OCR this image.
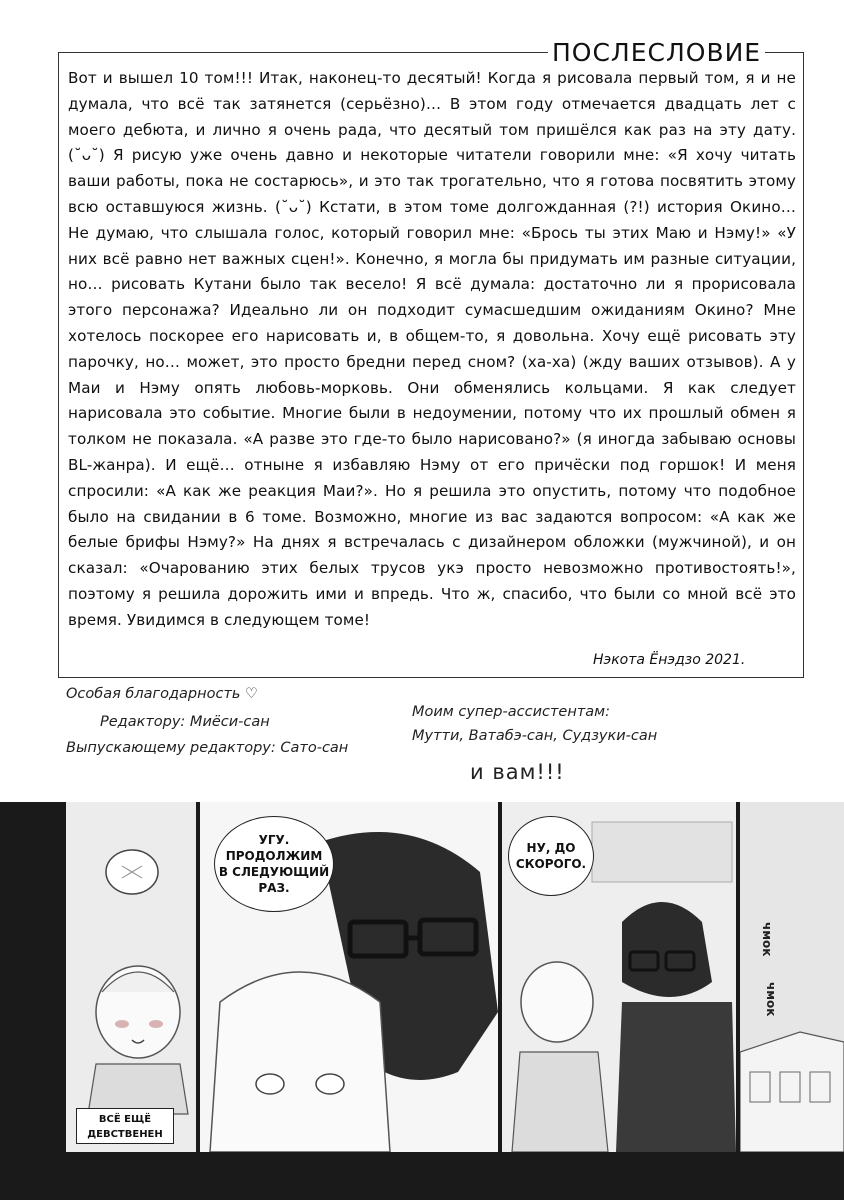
ПОСЛЕСЛОВИЕ
Вот и вышел 10 том!!! Итак, наконец-то десятый! Когда я рисовала первый том, я и не думала, что всё так затянется (серьёзно)… В этом году отмечается двадцать лет с моего дебюта, и лично я очень рада, что десятый том пришёлся как раз на эту дату. (˘ᴗ˘) Я рисую уже очень давно и некоторые читатели говорили мне: «Я хочу читать ваши работы, пока не состарюсь», и это так трогательно, что я готова посвятить этому всю оставшуюся жизнь. (˘ᴗ˘) Кстати, в этом томе долгожданная (?!) история Окино… Не думаю, что слышала голос, который говорил мне: «Брось ты этих Маю и Нэму!» «У них всё равно нет важных сцен!». Конечно, я могла бы придумать им разные ситуации, но… рисовать Кутани было так весело! Я всё думала: достаточно ли я прорисовала этого персонажа? Идеально ли он подходит сумасшедшим ожиданиям Окино? Мне хотелось поскорее его нарисовать и, в общем-то, я довольна. Хочу ещё рисовать эту парочку, но… может, это просто бредни перед сном? (ха-ха) (жду ваших отзывов). А у Маи и Нэму опять любовь-морковь. Они обменялись кольцами. Я как следует нарисовала это событие. Многие были в недоумении, потому что их прошлый обмен я толком не показала. «А разве это где-то было нарисовано?» (я иногда забываю основы BL-жанра). И ещё… отныне я избавляю Нэму от его причёски под горшок! И меня спросили: «А как же реакция Маи?». Но я решила это опустить, потому что подобное было на свидании в 6 томе. Возможно, многие из вас задаются вопросом: «А как же белые брифы Нэму?» На днях я встречалась с дизайнером обложки (мужчиной), и он сказал: «Очарованию этих белых трусов укэ просто невозможно противостоять!», поэтому я решила дорожить ими и впредь. Что ж, спасибо, что были со мной всё это время. Увидимся в следующем томе!
Нэкота Ёнэдзо 2021.
Особая благодарность ♡
Редактору: Миёси-сан
Выпускающему редактору: Сато-сан
Моим супер-ассистентам:
Мутти, Ватабэ-сан, Судзуки-сан
и вам!!!
ВСЁ ЕЩЁ
ДЕВСТВЕНЕН
УГУ.
ПРОДОЛЖИМ
В СЛЕДУЮЩИЙ
РАЗ.
НУ, ДО
СКОРОГО.
чмок
чмок
